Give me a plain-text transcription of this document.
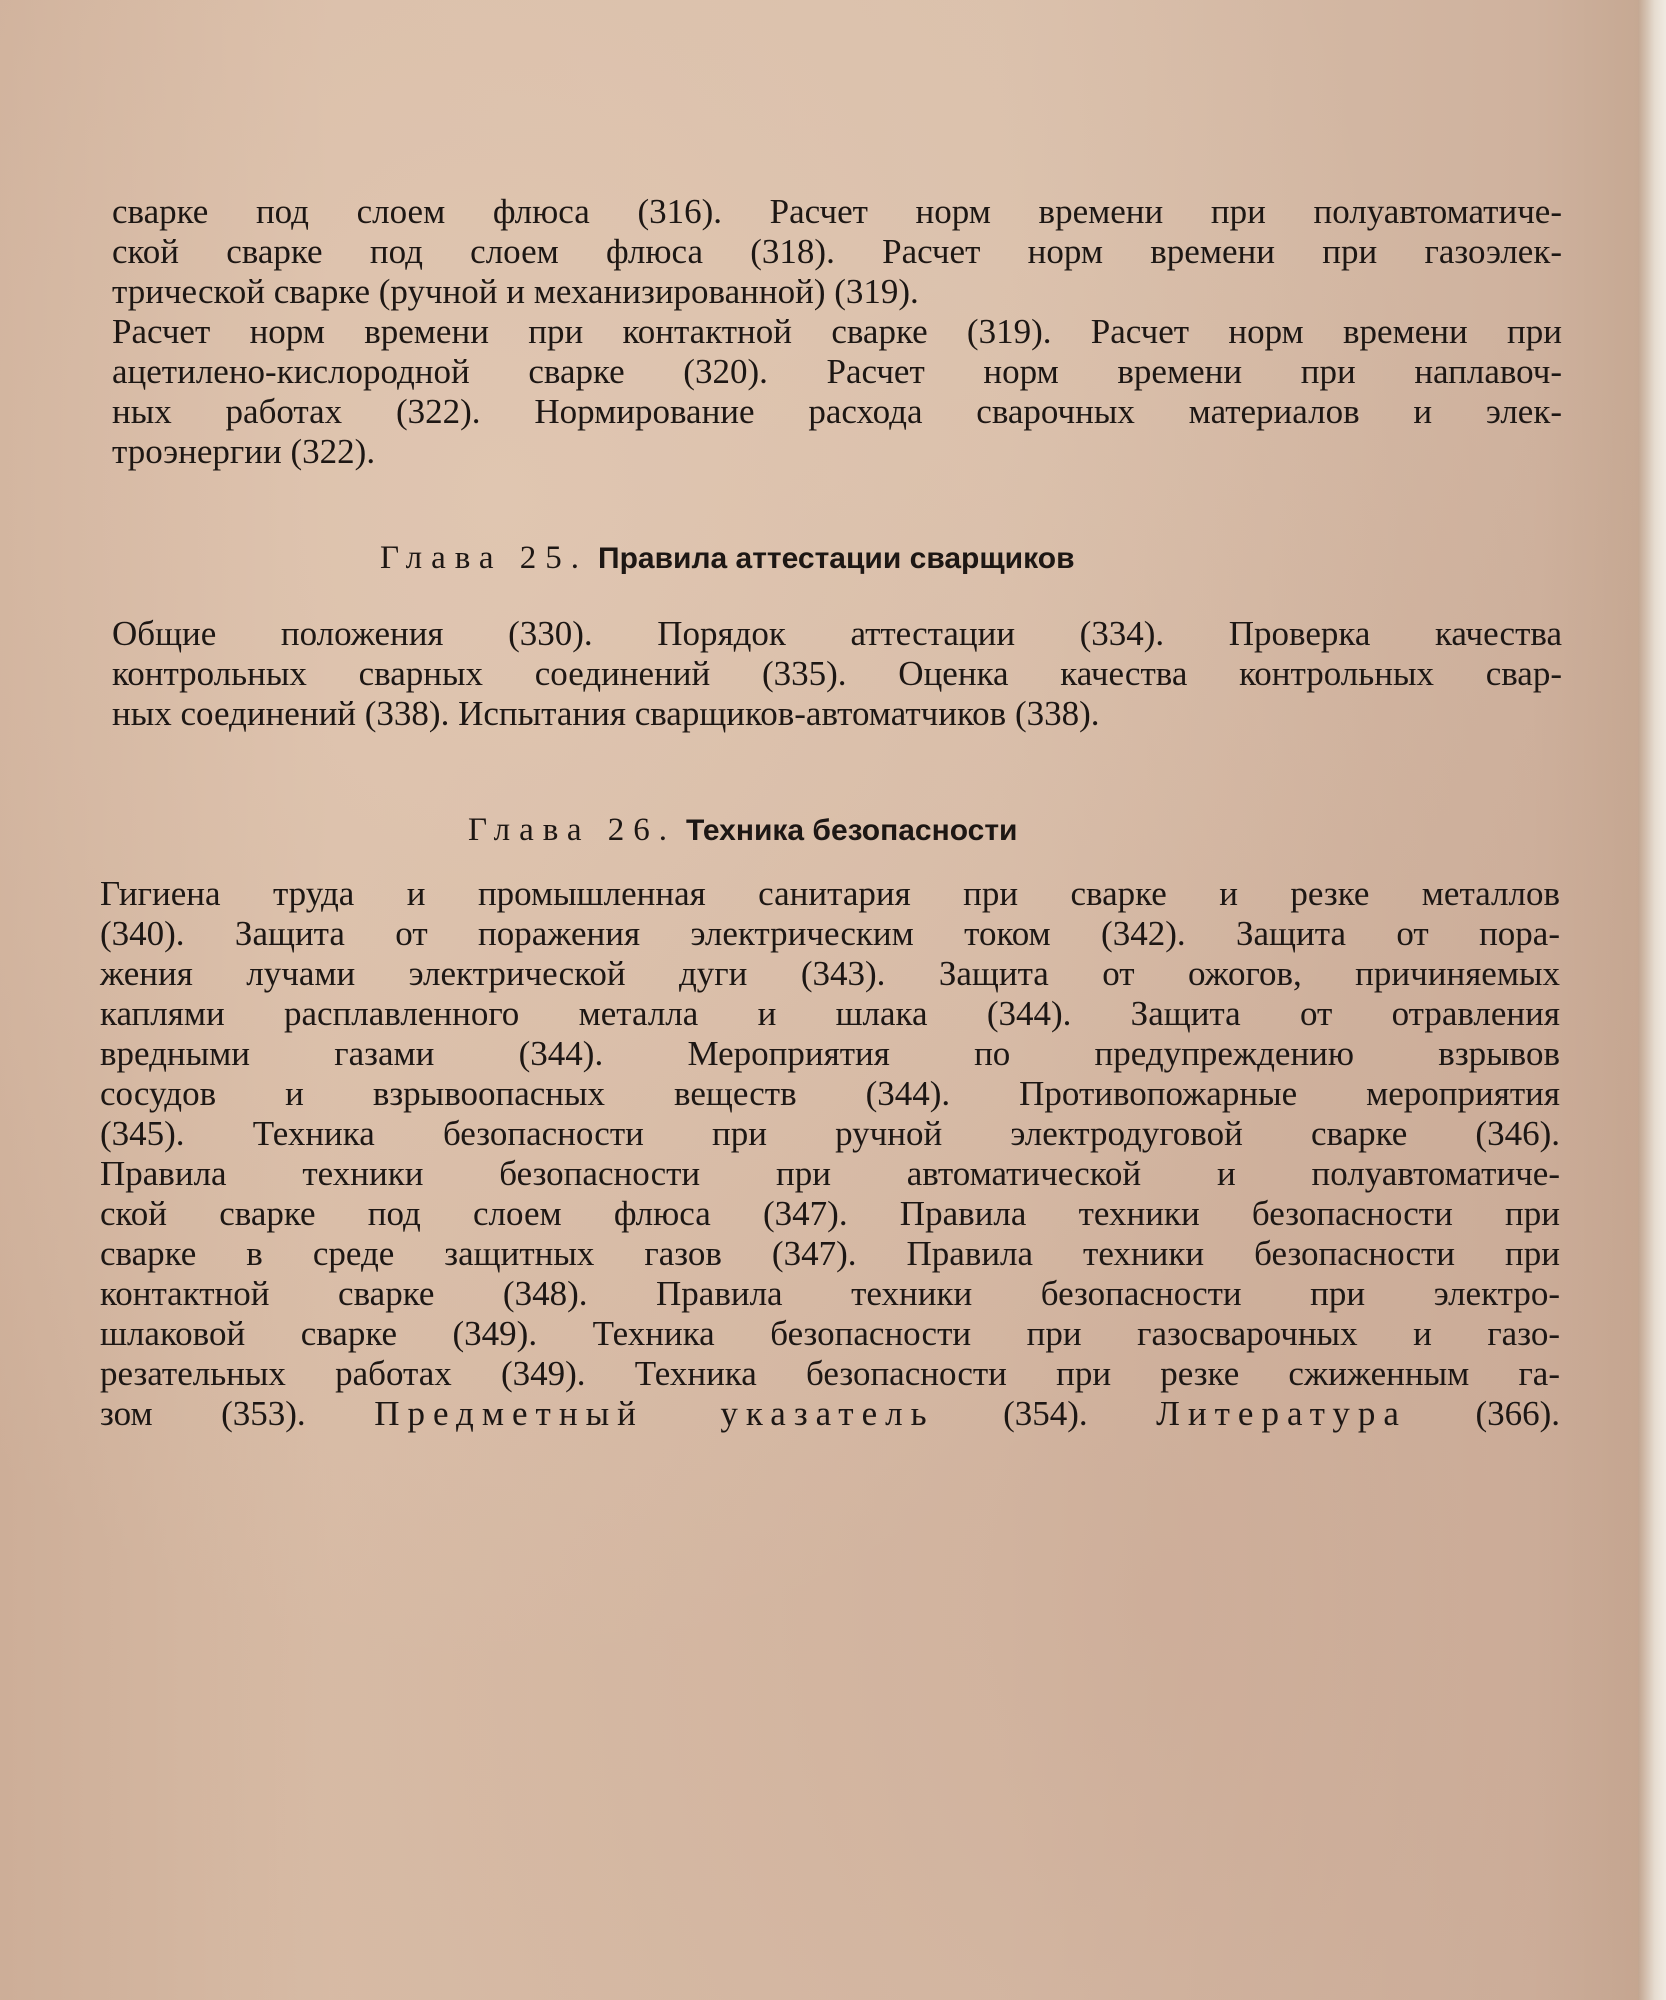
сварке под слоем флюса (316). Расчет норм времени при полуавтоматиче-
ской сварке под слоем флюса (318). Расчет норм времени при газоэлек-
трической сварке (ручной и механизированной) (319).
Расчет норм времени при контактной сварке (319). Расчет норм времени при
ацетилено-кислородной сварке (320). Расчет норм времени при наплавоч-
ных работах (322). Нормирование расхода сварочных материалов и элек-
троэнергии (322).
Глава 25. Правила аттестации сварщиков
Общие положения (330). Порядок аттестации (334). Проверка качества
контрольных сварных соединений (335). Оценка качества контрольных свар-
ных соединений (338). Испытания сварщиков-автоматчиков (338).
Глава 26. Техника безопасности
Гигиена труда и промышленная санитария при сварке и резке металлов
(340). Защита от поражения электрическим током (342). Защита от пора-
жения лучами электрической дуги (343). Защита от ожогов, причиняемых
каплями расплавленного металла и шлака (344). Защита от отравления
вредными газами (344). Мероприятия по предупреждению взрывов
сосудов и взрывоопасных веществ (344). Противопожарные мероприятия
(345). Техника безопасности при ручной электродуговой сварке (346).
Правила техники безопасности при автоматической и полуавтоматиче-
ской сварке под слоем флюса (347). Правила техники безопасности при
сварке в среде защитных газов (347). Правила техники безопасности при
контактной сварке (348). Правила техники безопасности при электро-
шлаковой сварке (349). Техника безопасности при газосварочных и газо-
резательных работах (349). Техника безопасности при резке сжиженным га-
зом (353). Предметный указатель (354). Литература (366).
